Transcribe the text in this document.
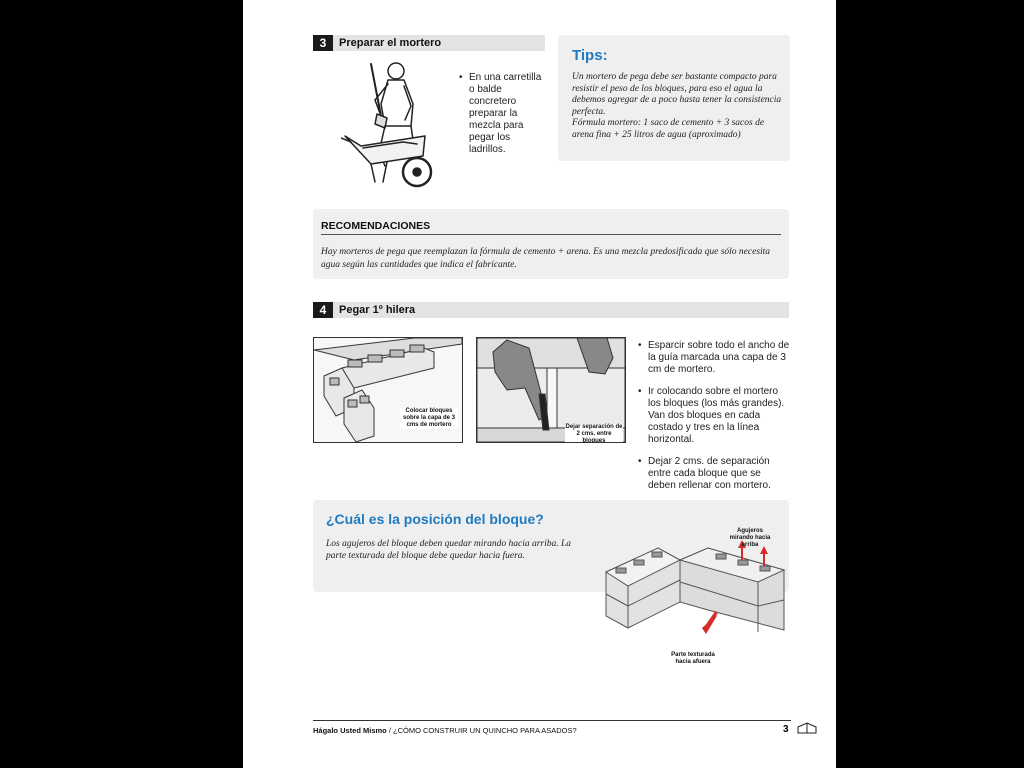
3	Preparar el mortero
• En una carretilla o balde concretero preparar la mezcla para pegar los ladrillos.
Tips:
Un mortero de pega debe ser bastante compacto para resistir el peso de los bloques, para eso el agua la debemos agregar de a poco hasta tener la consistencia perfecta.
Fórmula mortero: 1 saco de cemento + 3 sacos de arena fina + 25 litros de agua (aproximado)
RECOMENDACIONES
Hay morteros de pega que reemplazan la fórmula de cemento + arena. Es una mezcla predosificada que sólo necesita agua según las cantidades que indica el fabricante.
4	Pegar 1º hilera
Colocar bloques sobre la capa de 3 cms de mortero	Dejar separación de 2 cms. entre bloques
• Esparcir sobre todo el ancho de la guía marcada una capa de 3 cm de mortero.
• Ir colocando sobre el mortero los bloques (los más grandes). Van dos bloques en cada costado y tres en la línea horizontal.
• Dejar 2 cms. de separación entre cada bloque que se deben rellenar con mortero.
¿Cuál es la posición del bloque?
Los agujeros del bloque deben quedar mirando hacia arriba. La parte texturada del bloque debe quedar hacia fuera.
Agujeros mirando hacia arriba
Parte texturada hacia afuera
Hágalo Usted Mismo / ¿CÓMO CONSTRUIR UN QUINCHO PARA ASADOS?	3
